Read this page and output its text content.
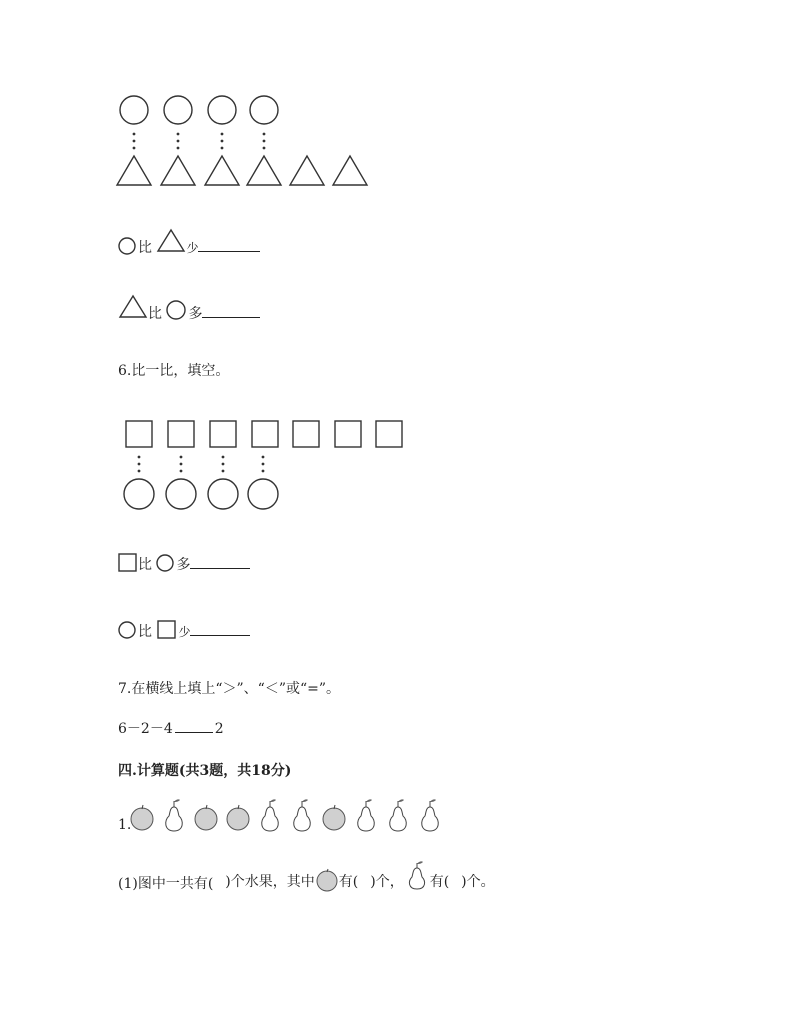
比	少
比 多
6.比一比，填空。
比 多
比 少
7.在横线上填上“＞”、“＜”或“=”。
6－2－4	2
四.计算题(共3题，共18分)
1.
(1)图中一共有( )个水果，其中 有( )个， 有( )个。
